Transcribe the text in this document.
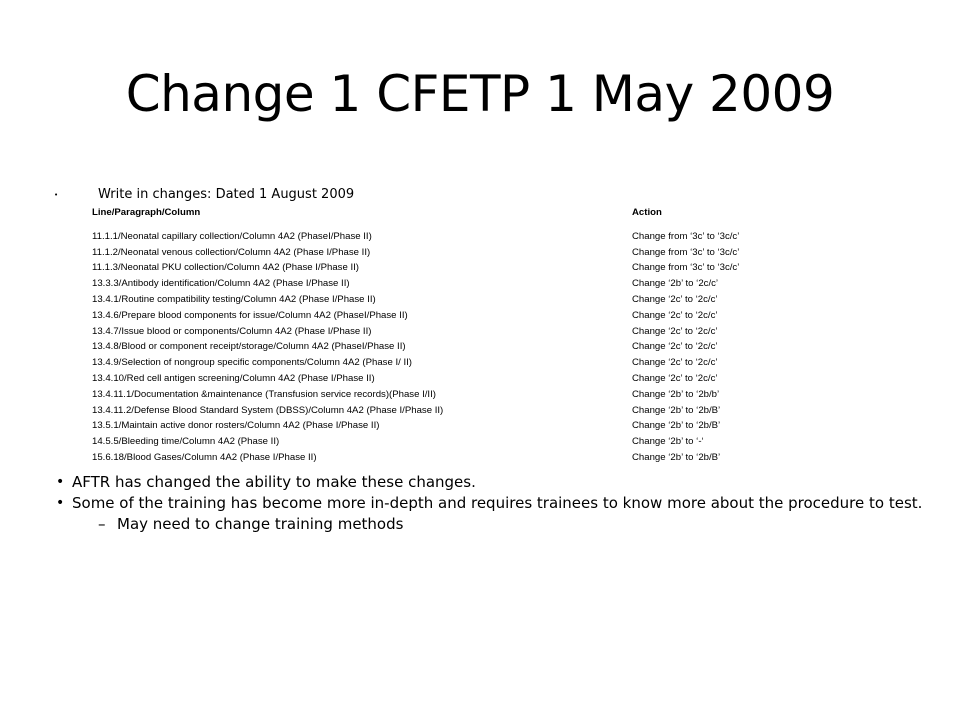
Change 1 CFETP 1 May 2009
•	Write in changes: Dated 1 August 2009
Line/Paragraph/Column	Action
11.1.1/Neonatal capillary collection/Column 4A2 (PhaseI/Phase II)	Change from ‘3c’ to ‘3c/c’
11.1.2/Neonatal venous collection/Column 4A2 (Phase I/Phase II)	Change from ‘3c’ to ‘3c/c’
11.1.3/Neonatal PKU collection/Column 4A2 (Phase I/Phase II)	Change from ‘3c’ to ‘3c/c’
13.3.3/Antibody identification/Column 4A2 (Phase I/Phase II)	Change ‘2b’ to ‘2c/c’
13.4.1/Routine compatibility testing/Column 4A2 (Phase I/Phase II)	Change ‘2c’ to ‘2c/c’
13.4.6/Prepare blood components for issue/Column 4A2 (PhaseI/Phase II)	Change ‘2c’ to ‘2c/c’
13.4.7/Issue blood or components/Column 4A2 (Phase I/Phase II)	Change ‘2c’ to ‘2c/c’
13.4.8/Blood or component receipt/storage/Column 4A2 (PhaseI/Phase II)	Change ‘2c’ to ‘2c/c’
13.4.9/Selection of nongroup specific components/Column 4A2 (Phase I/ II)	Change ‘2c’ to ‘2c/c’
13.4.10/Red cell antigen screening/Column 4A2 (Phase I/Phase II)	Change ‘2c’ to ‘2c/c’
13.4.11.1/Documentation &maintenance (Transfusion service records)(Phase I/II)	Change ‘2b’ to ‘2b/b’
13.4.11.2/Defense Blood Standard System (DBSS)/Column 4A2 (Phase I/Phase II)	Change ‘2b’ to ‘2b/B’
13.5.1/Maintain active donor rosters/Column 4A2 (Phase I/Phase II)	Change ‘2b’ to ‘2b/B’
14.5.5/Bleeding time/Column 4A2 (Phase II)	Change ‘2b’ to ‘-‘
15.6.18/Blood Gases/Column 4A2 (Phase I/Phase II)	Change ‘2b’ to ‘2b/B’
• AFTR has changed the ability to make these changes.
• Some of the training has become more in-depth and requires trainees to know more about the procedure to test.
– May need to change training methods
